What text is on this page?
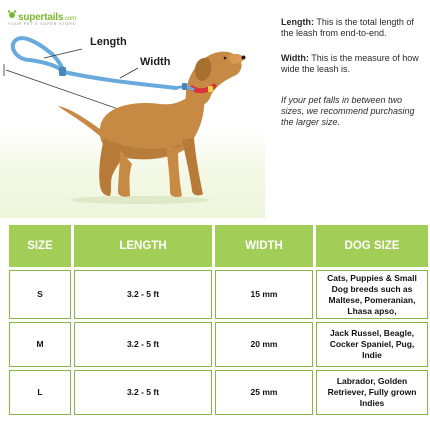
supertails.com
YOUR PET'S SUPER STORE
Length
Width

Length: This is the total length of the leash from end-to-end.

Width: This is the measure of how wide the leash is.

If your pet falls in between two sizes, we recommend purchasing the larger size.

SIZE	LENGTH	WIDTH	DOG SIZE
S	3.2 - 5 ft	15 mm	Cats, Puppies & Small Dog breeds such as Maltese, Pomeranian, Lhasa apso,
M	3.2 - 5 ft	20 mm	Jack Russel, Beagle, Cocker Spaniel, Pug, Indie
L	3.2 - 5 ft	25 mm	Labrador, Golden Retriever, Fully grown Indies
